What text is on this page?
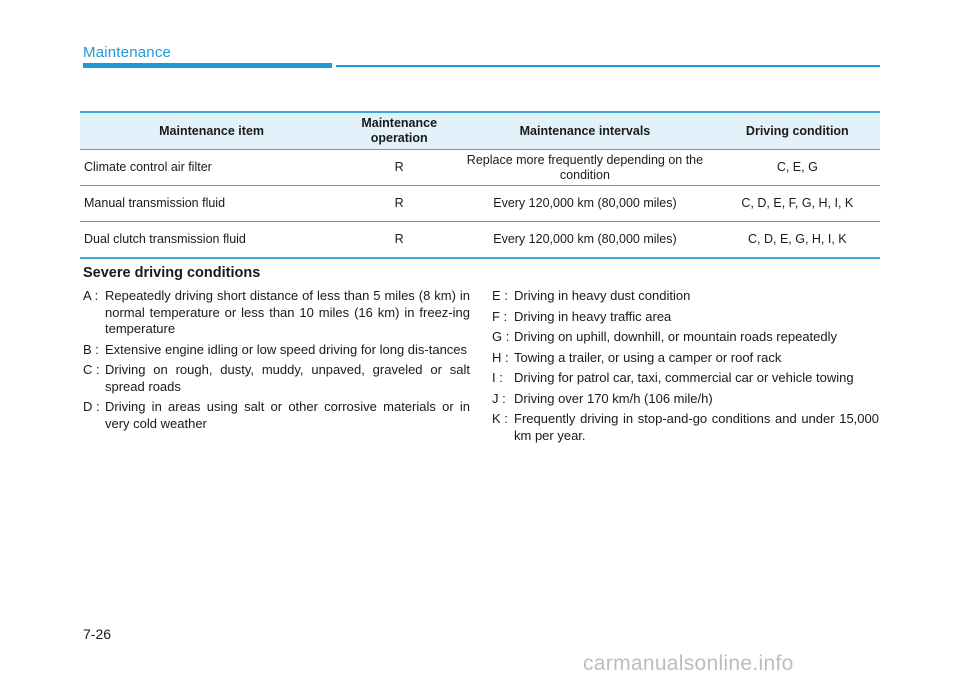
Maintenance
Maintenance item	Maintenance operation	Maintenance intervals	Driving condition
Climate control air filter	R	Replace more frequently depending on the condition	C, E, G
Manual transmission fluid	R	Every 120,000 km (80,000 miles)	C, D, E, F, G, H, I, K
Dual clutch transmission fluid	R	Every 120,000 km (80,000 miles)	C, D, E, G, H, I, K
Severe driving conditions
A : Repeatedly driving short distance of less than 5 miles (8 km) in normal temperature or less than 10 miles (16 km) in freez-ing temperature
B : Extensive engine idling or low speed driving for long dis-tances
C : Driving on rough, dusty, muddy, unpaved, graveled or salt spread roads
D : Driving in areas using salt or other corrosive materials or in very cold weather
E : Driving in heavy dust condition
F : Driving in heavy traffic area
G : Driving on uphill, downhill, or mountain roads repeatedly
H : Towing a trailer, or using a camper or roof rack
I : Driving for patrol car, taxi, commercial car or vehicle towing
J : Driving over 170 km/h (106 mile/h)
K : Frequently driving in stop-and-go conditions and under 15,000 km per year.
7-26
carmanualsonline.info
